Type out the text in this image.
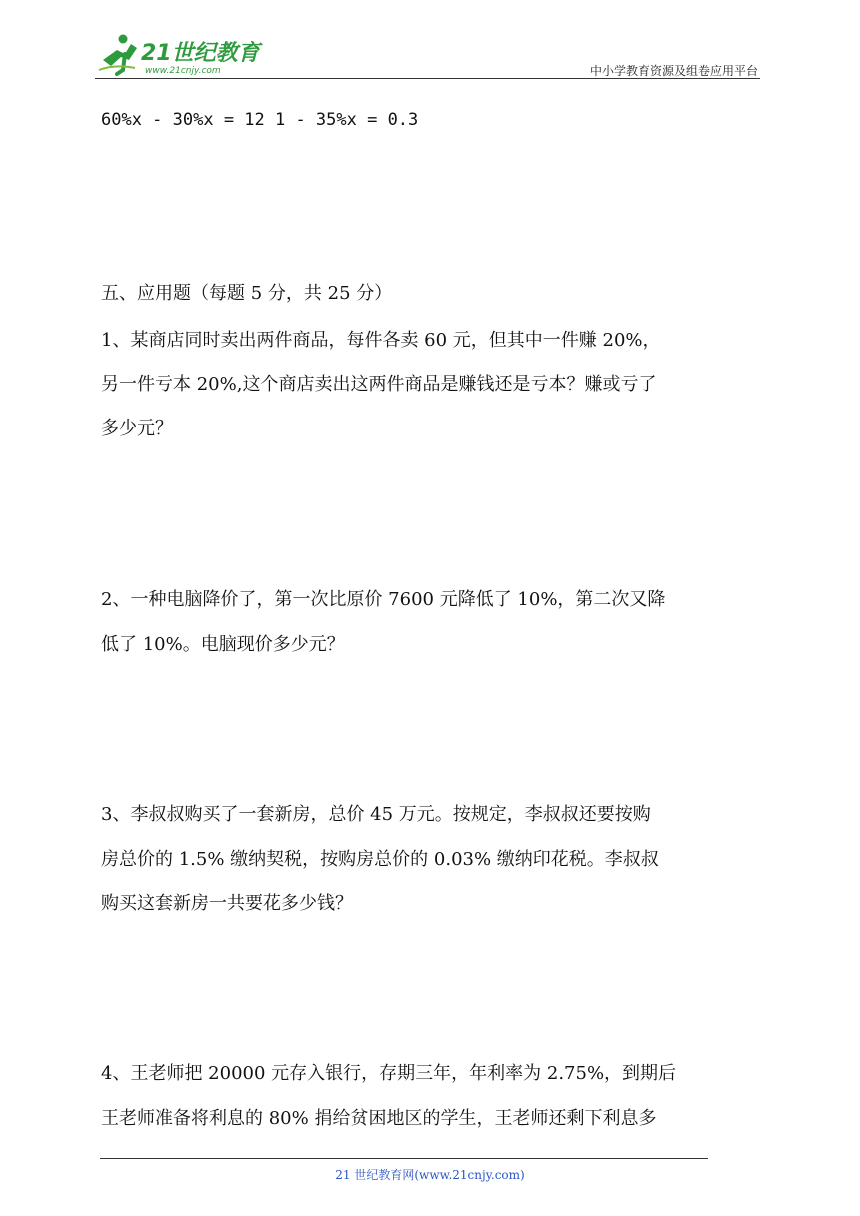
21世纪教育
www.21cnjy.com	中小学教育资源及组卷应用平台
60%x - 30%x = 12 1 - 35%x = 0.3
五、应用题（每题 5 分，共 25 分）
1、某商店同时卖出两件商品，每件各卖 60 元，但其中一件赚 20%，
另一件亏本 20%,这个商店卖出这两件商品是赚钱还是亏本？赚或亏了
多少元？
2、一种电脑降价了，第一次比原价 7600 元降低了 10%，第二次又降
低了 10%。电脑现价多少元？
3、李叔叔购买了一套新房，总价 45 万元。按规定，李叔叔还要按购
房总价的 1.5% 缴纳契税，按购房总价的 0.03% 缴纳印花税。李叔叔
购买这套新房一共要花多少钱？
4、王老师把 20000 元存入银行，存期三年，年利率为 2.75%，到期后
王老师准备将利息的 80% 捐给贫困地区的学生，王老师还剩下利息多
21 世纪教育网(www.21cnjy.com)
